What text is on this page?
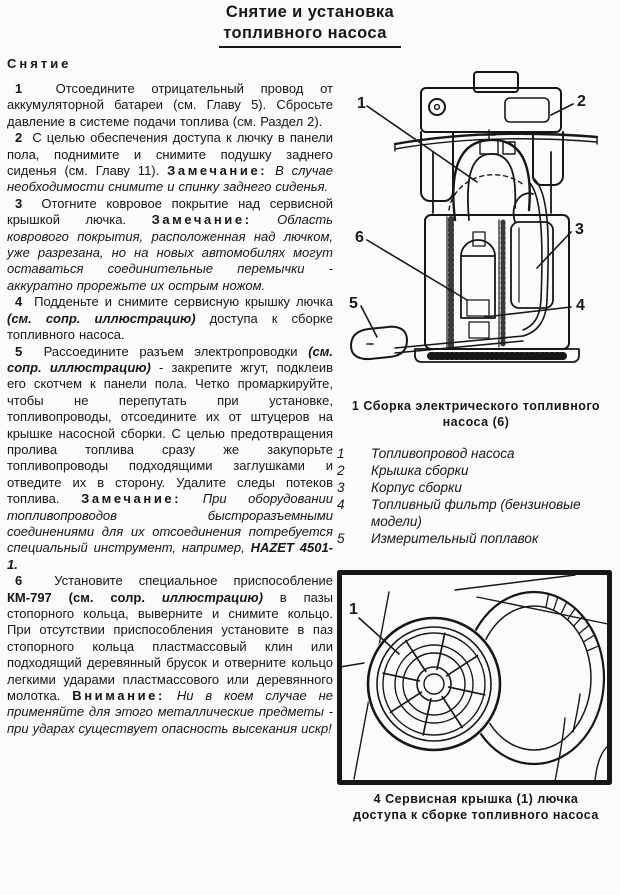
Снятие и установка
топливного насоса

Снятие

1  Отсоедините отрицательный провод от аккумуляторной батареи (см. Главу 5). Сбросьте давление в системе подачи топлива (см. Раздел 2).

2  С целью обеспечения доступа к лючку в панели пола, поднимите и снимите подушку заднего сиденья (см. Главу 11). Замечание: В случае необходимости снимите и спинку заднего сиденья.

3  Отогните ковровое покрытие над сервисной крышкой лючка. Замечание: Область коврового покрытия, расположенная над лючком, уже разрезана, но на новых автомобилях могут оставаться соединительные перемычки - аккуратно прорежьте их острым ножом.

4  Подденьте и снимите сервисную крышку лючка (см. сопр. иллюстрацию) доступа к сборке топливного насоса.

5  Рассоедините разъем электропроводки (см. сопр. иллюстрацию) - закрепите жгут, подклеив его скотчем к панели пола. Четко промаркируйте, чтобы не перепутать при установке, топливопроводы, отсоедините их от штуцеров на крышке насосной сборки. С целью предотвращения пролива топлива сразу же закупорьте топливопроводы подходящими заглушками и отведите их в сторону. Удалите следы потеков топлива. Замечание: При оборудовании топливопроводов быстроразъемными соединениями для их отсоединения потребуется специальный инструмент, например, HAZET 4501-1.

6  Установите специальное приспособление КМ-797 (см. солр. иллюстрацию) в пазы стопорного кольца, выверните и снимите кольцо. При отсутствии приспособления установите в паз стопорного кольца пластмассовый клин или подходящий деревянный брусок и отверните кольцо легкими ударами пластмассового или деревянного молотка. Внимание: Ни в коем случае не применяйте для этого металлические предметы - при ударах существует опасность высекания искр!

1	2
3
4
5
6
1 Сборка электрического топливного
насоса (6)
1	Топливопровод насоса
2	Крышка сборки
3	Корпус сборки
4	Топливный фильтр (бензиновые модели)
5	Измерительный поплавок
1
4 Сервисная крышка (1) лючка
доступа к сборке топливного насоса
